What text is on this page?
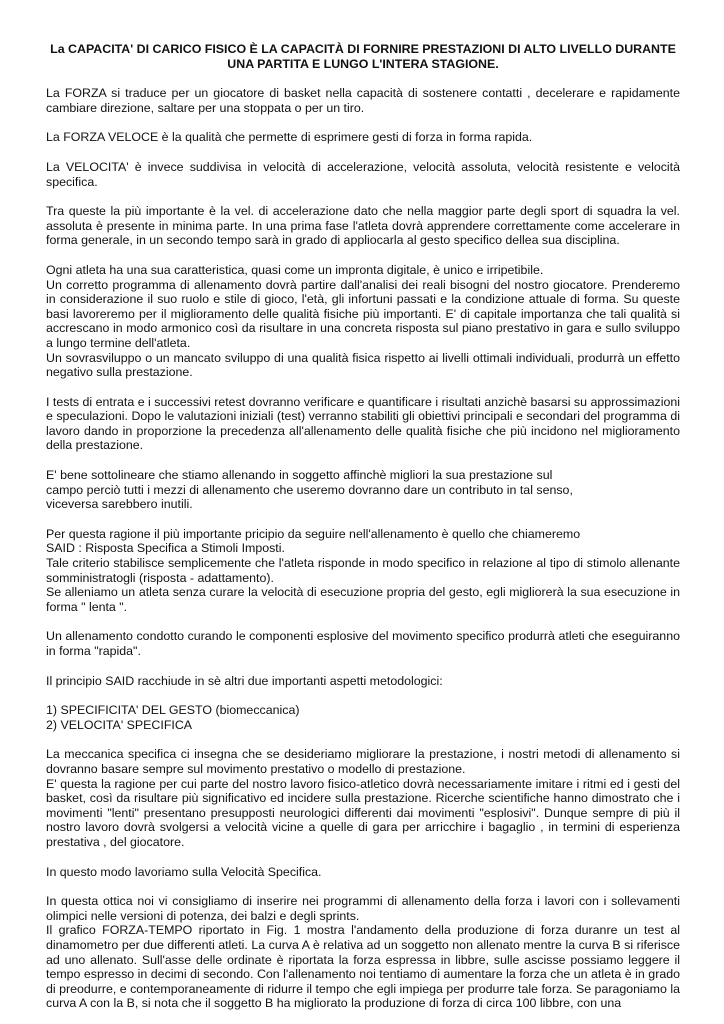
La CAPACITA' DI CARICO FISICO È LA CAPACITÀ DI FORNIRE PRESTAZIONI DI ALTO LIVELLO DURANTE
UNA PARTITA E LUNGO L'INTERA STAGIONE.

La FORZA si traduce per un giocatore di basket nella capacità di sostenere contatti , decelerare e rapidamente cambiare direzione, saltare per una stoppata o per un tiro.

La FORZA VELOCE è la qualità che permette di esprimere gesti di forza in forma rapida.

La VELOCITA' è invece suddivisa in velocità di accelerazione, velocità assoluta, velocità resistente e velocità specifica.

Tra queste la più importante è la vel. di accelerazione dato che nella maggior parte degli sport di squadra la vel. assoluta è presente in minima parte. In una prima fase l'atleta dovrà apprendere correttamente come accelerare in forma generale, in un secondo tempo sarà in grado di appliocarla al gesto specifico dellea sua disciplina.

Ogni atleta ha una sua caratteristica, quasi come un impronta digitale, è unico e irripetibile.

Un corretto programma di allenamento dovrà partire dall'analisi dei reali bisogni del nostro giocatore. Prenderemo in considerazione il suo ruolo e stile di gioco, l'età, gli infortuni passati e la condizione attuale di forma. Su queste basi lavoreremo per il miglioramento delle qualità fisiche più importanti. E' di capitale importanza che tali qualità si accrescano in modo armonico così da risultare in una concreta risposta sul piano prestativo in gara e sullo sviluppo a lungo termine dell'atleta.

Un sovrasviluppo o un mancato sviluppo di una qualità fisica rispetto ai livelli ottimali individuali, produrrà un effetto negativo sulla prestazione.

I tests di entrata e i successivi retest dovranno verificare e quantificare i risultati anzichè basarsi su approssimazioni e speculazioni. Dopo le valutazioni iniziali (test) verranno stabiliti gli obiettivi principali e secondari del programma di lavoro dando in proporzione la precedenza all'allenamento delle qualità fisiche che più incidono nel miglioramento della prestazione.

E' bene sottolineare che stiamo allenando in soggetto affinchè migliori la sua prestazione sul

campo perciò tutti i mezzi di allenamento che useremo dovranno dare un contributo in tal senso,

viceversa sarebbero inutili.

Per questa ragione il più importante pricipio da seguire nell'allenamento è quello che chiameremo

SAID : Risposta Specifica a Stimoli Imposti.

Tale criterio stabilisce semplicemente che l'atleta risponde in modo specifico in relazione al tipo di stimolo allenante somministratogli (risposta - adattamento).

Se alleniamo un atleta senza curare la velocità di esecuzione propria del gesto, egli migliorerà la sua esecuzione in forma " lenta ".

Un allenamento condotto curando le componenti esplosive del movimento specifico produrrà atleti che eseguiranno in forma "rapida".

Il principio SAID racchiude in sè altri due importanti aspetti metodologici:

1) SPECIFICITA' DEL GESTO (biomeccanica)

2) VELOCITA' SPECIFICA

La meccanica specifica ci insegna che se desideriamo migliorare la prestazione, i nostri metodi di allenamento si dovranno basare sempre sul movimento prestativo o modello di prestazione.

E' questa la ragione per cui parte del nostro lavoro fisico-atletico dovrà necessariamente imitare i ritmi ed i gesti del basket, così da risultare più significativo ed incidere sulla prestazione. Ricerche scientifiche hanno dimostrato che i movimenti "lenti" presentano presupposti neurologici differenti dai movimenti "esplosivi". Dunque sempre di più il nostro lavoro dovrà svolgersi a velocità vicine a quelle di gara per arricchire i bagaglio , in termini di esperienza prestativa , del giocatore.

In questo modo lavoriamo sulla Velocità Specifica.

In questa ottica noi vi consigliamo di inserire nei programmi di allenamento della forza i lavori con i sollevamenti olimpici nelle versioni di potenza, dei balzi e degli sprints.

Il grafico FORZA-TEMPO riportato in Fig. 1 mostra l'andamento della produzione di forza duranre un test al dinamometro per due differenti atleti. La curva A è relativa ad un soggetto non allenato mentre la curva B si riferisce ad uno allenato. Sull'asse delle ordinate è riportata la forza espressa in libbre, sulle ascisse possiamo leggere il tempo espresso in decimi di secondo. Con l'allenamento noi tentiamo di aumentare la forza che un atleta è in grado di preodurre, e contemporaneamente di ridurre il tempo che egli impiega per produrre tale forza. Se paragoniamo la curva A con la B, si nota che il soggetto B ha migliorato la produzione di forza di circa 100 libbre, con una
